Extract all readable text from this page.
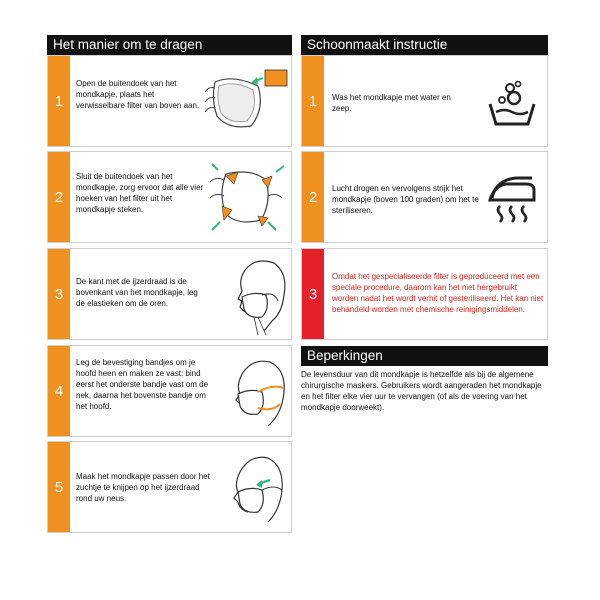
Het manier om te dragen
1
Open de buitendoek van het mondkapje, plaats het verwisselbare filter van boven aan.
2
Sluit de buitendoek van het mondkapje, zorg ervoor dat alle vier hoeken van het filter uit het mondkapje steken.
3
De kant met de ijzerdraad is de bovenkant van het mondkapje, leg de elastieken om de oren.
4
Leg de bevestiging bandjes om je hoofd heen en maken ze vast: bind eerst het onderste bandje vast om de nek, daarna het bovenste bandje om het hoofd.
5
Maak het mondkapje passen door het zuchtje te knijpen op het ijzerdraad rond uw neus.
Schoonmaakt instructie
1	Was het mondkapje met water en zeep.
2	Lucht drogen en vervolgens strijk het mondkapje (boven 100 graden) om het te steriliseren.
3
Omdat het gespecialiseerde filter is geproduceerd met een speciale procedure, daarom kan het niet hergebruikt worden nadat het wordt verhit of gesteriliseerd. Het kan niet behandeld worden met chemische reinigingsmiddelen.
Beperkingen
De levensduur van dit mondkapje is hetzelfde als bij de algemene chirurgische maskers. Gebruikers wordt aangeraden het mondkapje en het filter elke vier uur te vervangen (of als de voering van het mondkapje doorweekt).
